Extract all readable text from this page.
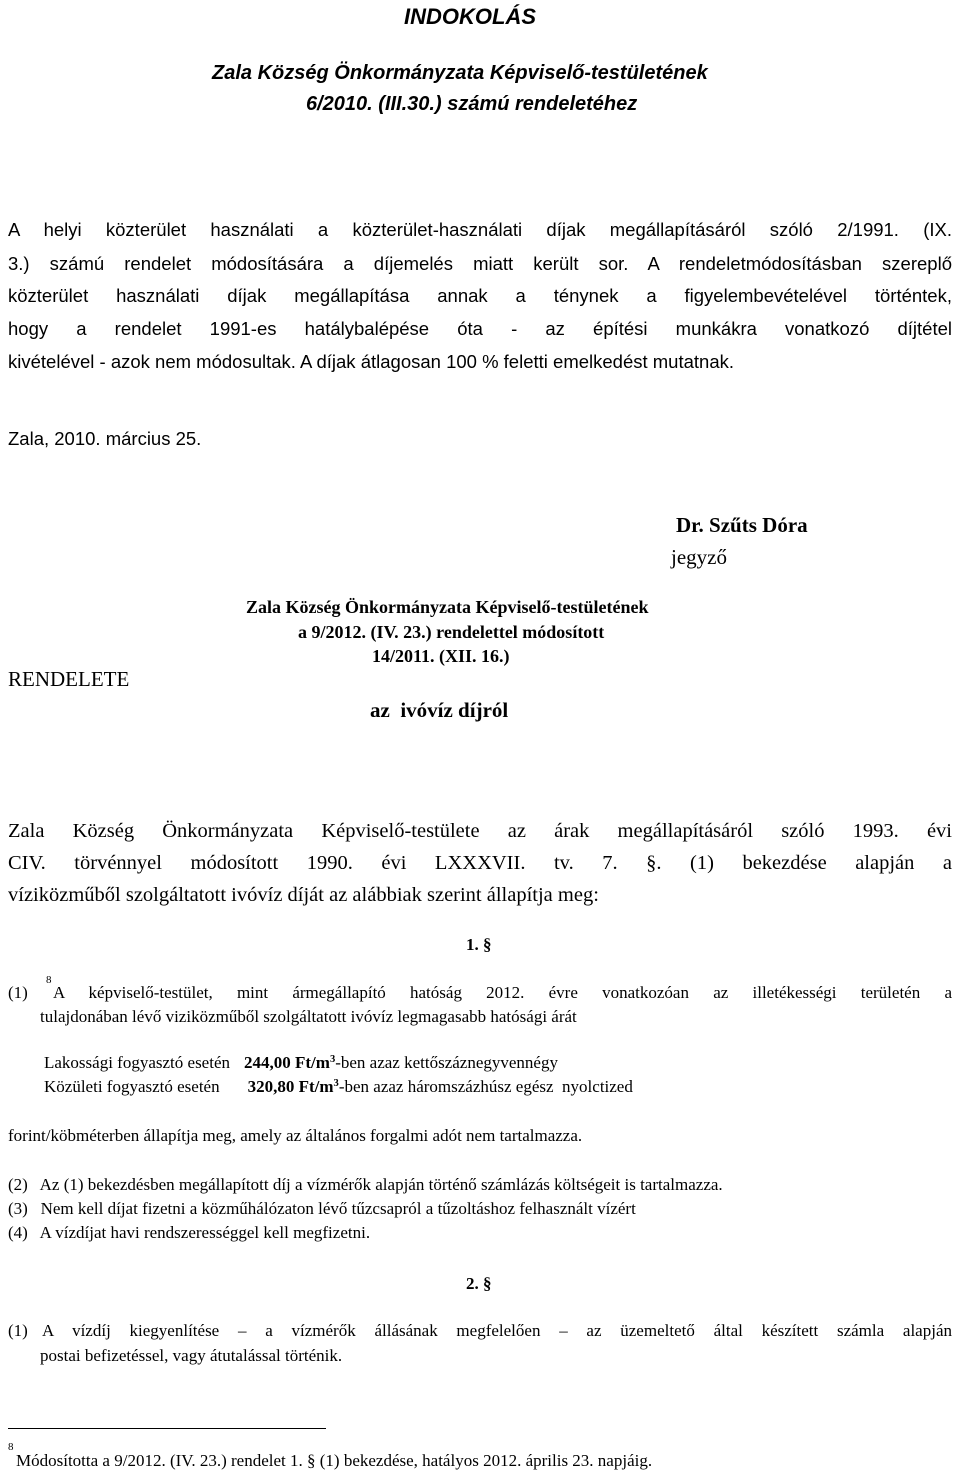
INDOKOLÁS
Zala Község Önkormányzata Képviselő-testületének
6/2010. (III.30.) számú rendeletéhez
A helyi közterület használati a közterület-használati díjak megállapításáról szóló 2/1991. (IX.
3.) számú rendelet módosítására a díjemelés miatt került sor. A rendeletmódosításban szereplő
közterület használati díjak megállapítása annak a ténynek a figyelembevételével történtek,
hogy a rendelet 1991-es hatálybalépése óta - az építési munkákra vonatkozó díjtétel
kivételével - azok nem módosultak. A díjak átlagosan 100 % feletti emelkedést mutatnak.
Zala, 2010. március 25.
Dr. Szűts Dóra
jegyző
Zala Község Önkormányzata Képviselő-testületének
a 9/2012. (IV. 23.) rendelettel módosított
14/2011. (XII. 16.)
RENDELETE
az  ivóvíz díjról
Zala Község Önkormányzata Képviselő-testülete az árak megállapításáról szóló 1993. évi
CIV. törvénnyel módosított 1990. évi LXXXVII. tv. 7. §. (1) bekezdése alapján a
víziközműből szolgáltatott ivóvíz díját az alábbiak szerint állapítja meg:
1. §
(1)
8
A képviselő-testület, mint ármegállapító hatóság 2012. évre vonatkozóan az illetékességi területén a
tulajdonában lévő viziközműből szolgáltatott ivóvíz legmagasabb hatósági árát
Lakossági fogyasztó esetén 244,00 $Ft/m^3$-ben azaz kettőszáznegyvennégy
Közületi fogyasztó esetén 320,80 $Ft/m^3$-ben azaz háromszázhúsz egész  nyolctized
forint/köbméterben állapítja meg, amely az általános forgalmi adót nem tartalmazza.
(2)   Az (1) bekezdésben megállapított díj a vízmérők alapján történő számlázás költségeit is tartalmazza.
(3)   Nem kell díjat fizetni a közműhálózaton lévő tűzcsapról a tűzoltáshoz felhasznált vízért
(4)   A vízdíjat havi rendszerességgel kell megfizetni.
2. §
(1) A vízdíj kiegyenlítése – a vízmérők állásának megfelelően – az üzemeltető által készített számla alapján
postai befizetéssel, vagy átutalással történik.
8
Módosította a 9/2012. (IV. 23.) rendelet 1. § (1) bekezdése, hatályos 2012. április 23. napjáig.
